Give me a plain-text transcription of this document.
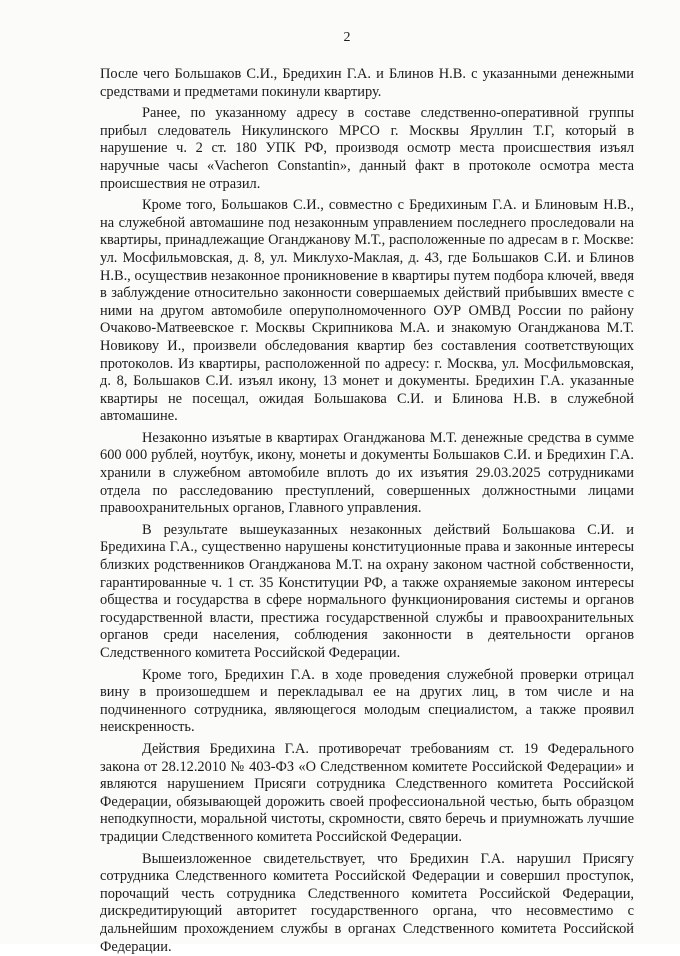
2

После чего Большаков С.И., Бредихин Г.А. и Блинов Н.В. с указанными денежными средствами и предметами покинули квартиру.

Ранее, по указанному адресу в составе следственно-оперативной группы прибыл следователь Никулинского МРСО г. Москвы Яруллин Т.Г, который в нарушение ч. 2 ст. 180 УПК РФ, производя осмотр места происшествия изъял наручные часы «Vacheron Constantin», данный факт в протоколе осмотра места происшествия не отразил.

Кроме того, Большаков С.И., совместно с Бредихиным Г.А. и Блиновым Н.В., на служебной автомашине под незаконным управлением последнего проследовали на квартиры, принадлежащие Оганджанову М.Т., расположенные по адресам в г. Москве: ул. Мосфильмовская, д. 8, ул. Миклухо-Маклая, д. 43, где Большаков С.И. и Блинов Н.В., осуществив незаконное проникновение в квартиры путем подбора ключей, введя в заблуждение относительно законности совершаемых действий прибывших вместе с ними на другом автомобиле оперуполномоченного ОУР ОМВД России по району Очаково-Матвеевское г. Москвы Скрипникова М.А. и знакомую Оганджанова М.Т. Новикову И., произвели обследования квартир без составления соответствующих протоколов. Из квартиры, расположенной по адресу: г. Москва, ул. Мосфильмовская, д. 8, Большаков С.И. изъял икону, 13 монет и документы. Бредихин Г.А. указанные квартиры не посещал, ожидая Большакова С.И. и Блинова Н.В. в служебной автомашине.

Незаконно изъятые в квартирах Оганджанова М.Т. денежные средства в сумме 600 000 рублей, ноутбук, икону, монеты и документы Большаков С.И. и Бредихин Г.А. хранили в служебном автомобиле вплоть до их изъятия 29.03.2025 сотрудниками отдела по расследованию преступлений, совершенных должностными лицами правоохранительных органов, Главного управления.

В результате вышеуказанных незаконных действий Большакова С.И. и Бредихина Г.А., существенно нарушены конституционные права и законные интересы близких родственников Оганджанова М.Т. на охрану законом частной собственности, гарантированные ч. 1 ст. 35 Конституции РФ, а также охраняемые законом интересы общества и государства в сфере нормального функционирования системы и органов государственной власти, престижа государственной службы и правоохранительных органов среди населения, соблюдения законности в деятельности органов Следственного комитета Российской Федерации.

Кроме того, Бредихин Г.А. в ходе проведения служебной проверки отрицал вину в произошедшем и перекладывал ее на других лиц, в том числе и на подчиненного сотрудника, являющегося молодым специалистом, а также проявил неискренность.

Действия Бредихина Г.А. противоречат требованиям ст. 19 Федерального закона от 28.12.2010 № 403-ФЗ «О Следственном комитете Российской Федерации» и являются нарушением Присяги сотрудника Следственного комитета Российской Федерации, обязывающей дорожить своей профессиональной честью, быть образцом неподкупности, моральной чистоты, скромности, свято беречь и приумножать лучшие традиции Следственного комитета Российской Федерации.

Вышеизложенное свидетельствует, что Бредихин Г.А. нарушил Присягу сотрудника Следственного комитета Российской Федерации и совершил проступок, порочащий честь сотрудника Следственного комитета Российской Федерации, дискредитирующий авторитет государственного органа, что несовместимо с дальнейшим прохождением службы в органах Следственного комитета Российской Федерации.
